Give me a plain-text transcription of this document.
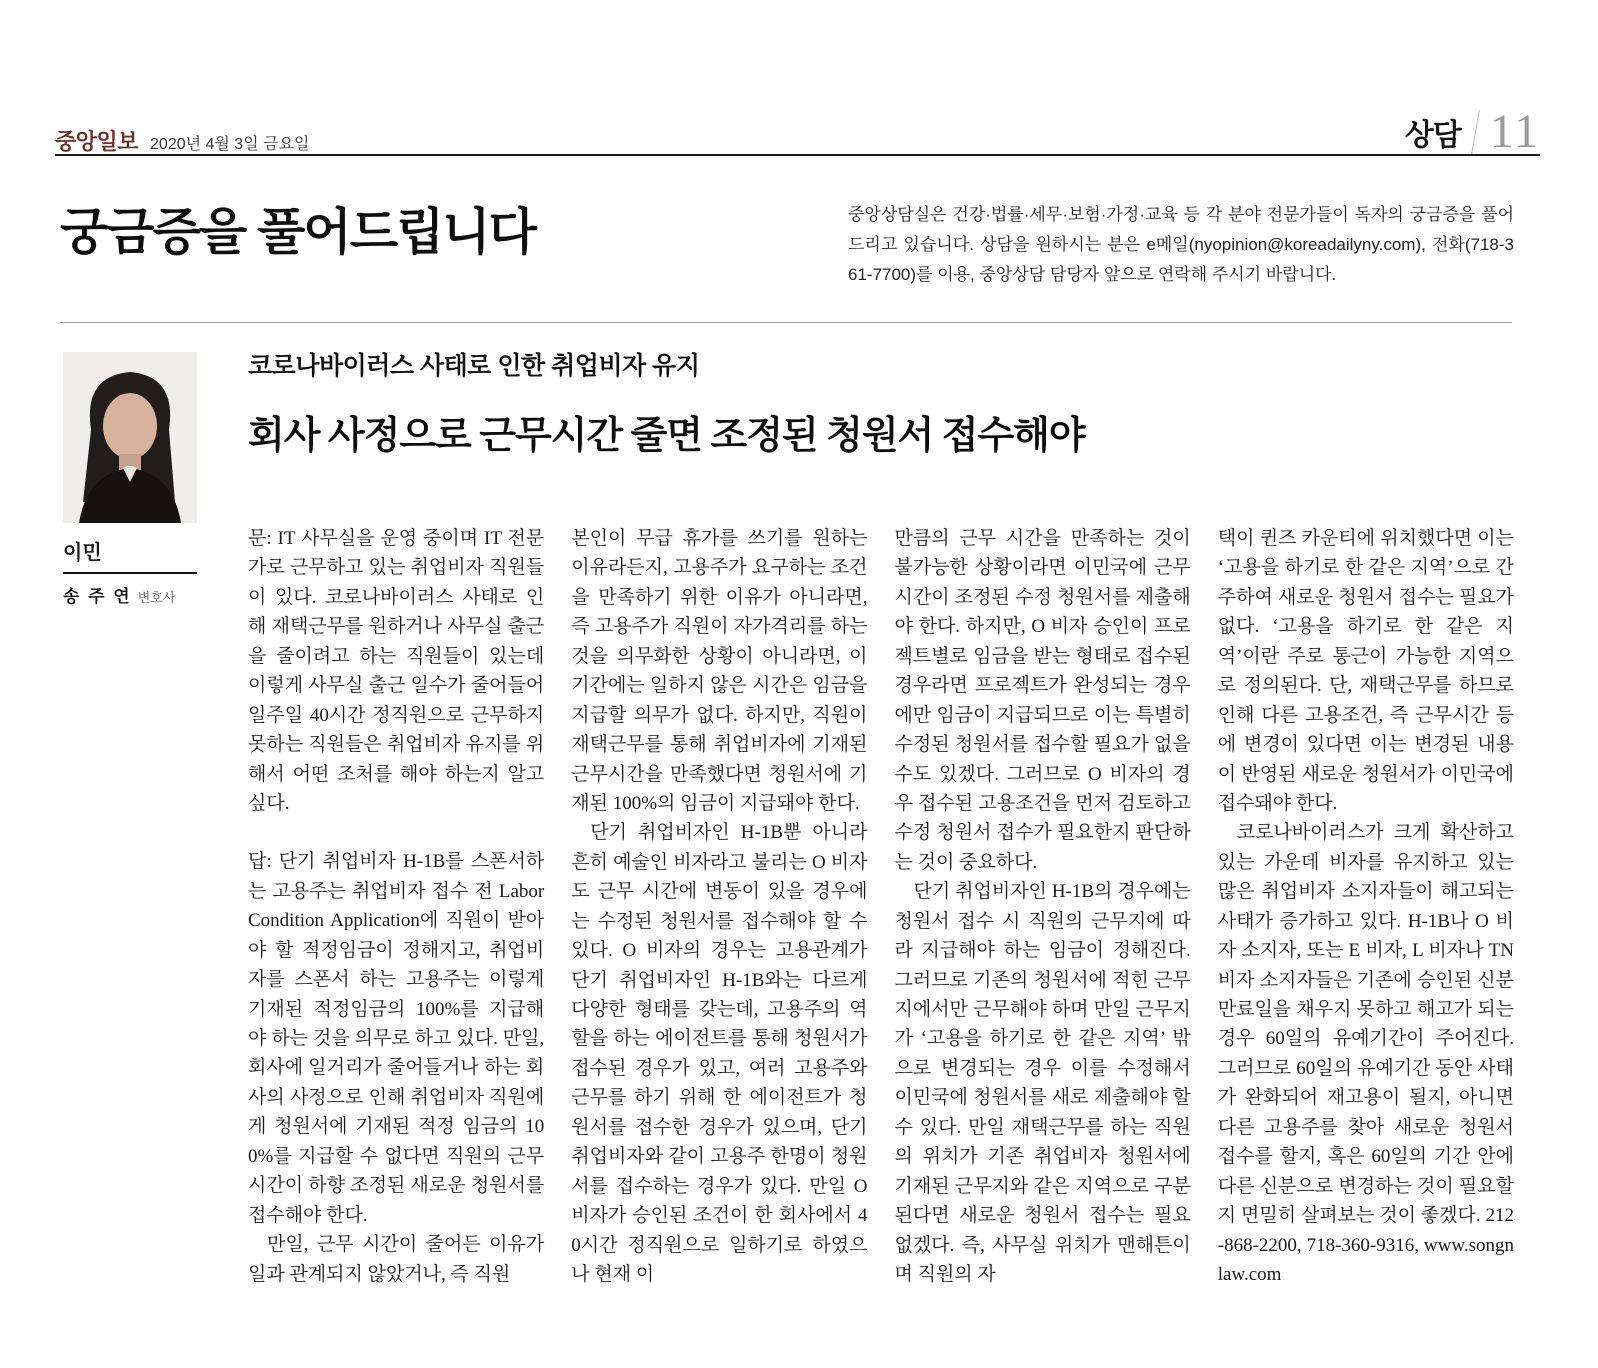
중앙일보 2020년 4월 3일 금요일	상담 11
궁금증을 풀어드립니다	중앙상담실은 건강·법률·세무·보험·가정·교육 등 각 분야 전문가들이 독자의 궁금증을 풀어드리고 있습니다. 상담을 원하시는 분은 e메일(nyopinion@koreadailyny.com), 전화(718-361-7700)를 이용, 중앙상담 담당자 앞으로 연락해 주시기 바랍니다.

이민
송 주 연 변호사
코로나바이러스 사태로 인한 취업비자 유지
회사 사정으로 근무시간 줄면 조정된 청원서 접수해야

문: IT 사무실을 운영 중이며 IT 전문가로 근무하고 있는 취업비자 직원들이 있다. 코로나바이러스 사태로 인해 재택근무를 원하거나 사무실 출근을 줄이려고 하는 직원들이 있는데 이렇게 사무실 출근 일수가 줄어들어 일주일 40시간 정직원으로 근무하지 못하는 직원들은 취업비자 유지를 위해서 어떤 조처를 해야 하는지 알고 싶다.

답: 단기 취업비자 H-1B를 스폰서하는 고용주는 취업비자 접수 전 Labor Condition Application에 직원이 받아야 할 적정임금이 정해지고, 취업비자를 스폰서 하는 고용주는 이렇게 기재된 적정임금의 100%를 지급해야 하는 것을 의무로 하고 있다. 만일, 회사에 일거리가 줄어들거나 하는 회사의 사정으로 인해 취업비자 직원에게 청원서에 기재된 적정 임금의 100%를 지급할 수 없다면 직원의 근무 시간이 하향 조정된 새로운 청원서를 접수해야 한다.

만일, 근무 시간이 줄어든 이유가 일과 관계되지 않았거나, 즉 직원

본인이 무급 휴가를 쓰기를 원하는 이유라든지, 고용주가 요구하는 조건을 만족하기 위한 이유가 아니라면, 즉 고용주가 직원이 자가격리를 하는 것을 의무화한 상황이 아니라면, 이 기간에는 일하지 않은 시간은 임금을 지급할 의무가 없다. 하지만, 직원이 재택근무를 통해 취업비자에 기재된 근무시간을 만족했다면 청원서에 기재된 100%의 임금이 지급돼야 한다.

단기 취업비자인 H-1B뿐 아니라 흔히 예술인 비자라고 불리는 O 비자도 근무 시간에 변동이 있을 경우에는 수정된 청원서를 접수해야 할 수 있다. O 비자의 경우는 고용관계가 단기 취업비자인 H-1B와는 다르게 다양한 형태를 갖는데, 고용주의 역할을 하는 에이전트를 통해 청원서가 접수된 경우가 있고, 여러 고용주와 근무를 하기 위해 한 에이전트가 청원서를 접수한 경우가 있으며, 단기 취업비자와 같이 고용주 한명이 청원서를 접수하는 경우가 있다. 만일 O 비자가 승인된 조건이 한 회사에서 40시간 정직원으로 일하기로 하였으나 현재 이

만큼의 근무 시간을 만족하는 것이 불가능한 상황이라면 이민국에 근무 시간이 조정된 수정 청원서를 제출해야 한다. 하지만, O 비자 승인이 프로젝트별로 임금을 받는 형태로 접수된 경우라면 프로젝트가 완성되는 경우에만 임금이 지급되므로 이는 특별히 수정된 청원서를 접수할 필요가 없을 수도 있겠다. 그러므로 O 비자의 경우 접수된 고용조건을 먼저 검토하고 수정 청원서 접수가 필요한지 판단하는 것이 중요하다.

단기 취업비자인 H-1B의 경우에는 청원서 접수 시 직원의 근무지에 따라 지급해야 하는 임금이 정해진다. 그러므로 기존의 청원서에 적힌 근무지에서만 근무해야 하며 만일 근무지가 ‘고용을 하기로 한 같은 지역’ 밖으로 변경되는 경우 이를 수정해서 이민국에 청원서를 새로 제출해야 할 수 있다. 만일 재택근무를 하는 직원의 위치가 기존 취업비자 청원서에 기재된 근무지와 같은 지역으로 구분된다면 새로운 청원서 접수는 필요 없겠다. 즉, 사무실 위치가 맨해튼이며 직원의 자

택이 퀸즈 카운티에 위치했다면 이는 ‘고용을 하기로 한 같은 지역’으로 간주하여 새로운 청원서 접수는 필요가 없다. ‘고용을 하기로 한 같은 지역’이란 주로 통근이 가능한 지역으로 정의된다. 단, 재택근무를 하므로 인해 다른 고용조건, 즉 근무시간 등에 변경이 있다면 이는 변경된 내용이 반영된 새로운 청원서가 이민국에 접수돼야 한다.

코로나바이러스가 크게 확산하고 있는 가운데 비자를 유지하고 있는 많은 취업비자 소지자들이 해고되는 사태가 증가하고 있다. H-1B나 O 비자 소지자, 또는 E 비자, L 비자나 TN 비자 소지자들은 기존에 승인된 신분 만료일을 채우지 못하고 해고가 되는 경우 60일의 유예기간이 주어진다. 그러므로 60일의 유예기간 동안 사태가 완화되어 재고용이 될지, 아니면 다른 고용주를 찾아 새로운 청원서 접수를 할지, 혹은 60일의 기간 안에 다른 신분으로 변경하는 것이 필요할지 면밀히 살펴보는 것이 좋겠다. 212-868-2200, 718-360-9316, www.songnlaw.com
